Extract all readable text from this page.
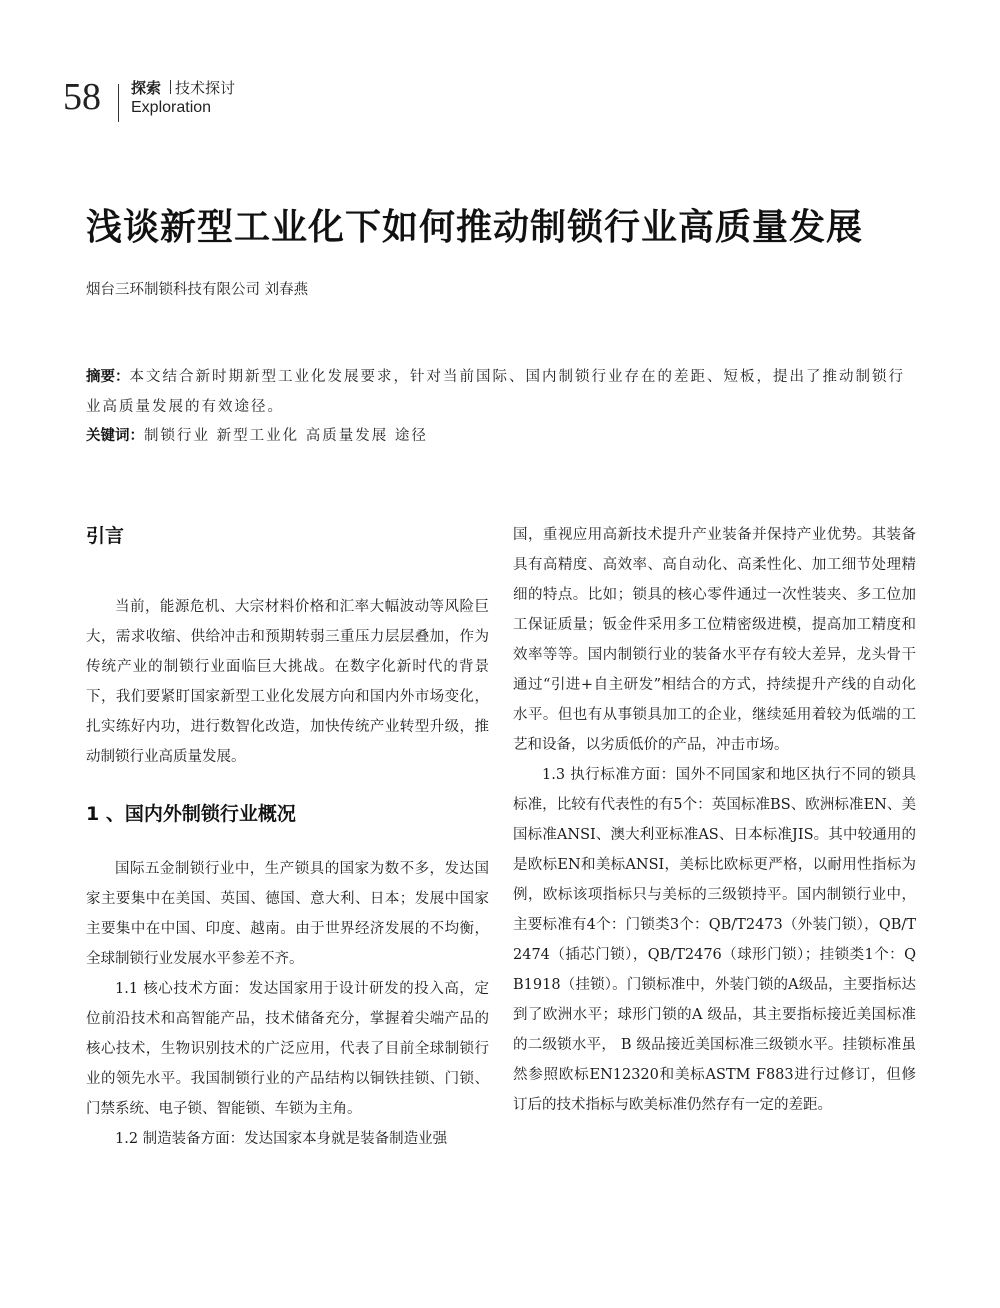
58 探索 技术探讨
Exploration
浅谈新型工业化下如何推动制锁行业高质量发展
烟台三环制锁科技有限公司 刘春燕
摘要：本文结合新时期新型工业化发展要求，针对当前国际、国内制锁行业存在的差距、短板，提出了推动制锁行业高质量发展的有效途径。
关键词：制锁行业 新型工业化 高质量发展 途径
引言

当前，能源危机、大宗材料价格和汇率大幅波动等风险巨大，需求收缩、供给冲击和预期转弱三重压力层层叠加，作为传统产业的制锁行业面临巨大挑战。在数字化新时代的背景下，我们要紧盯国家新型工业化发展方向和国内外市场变化，扎实练好内功，进行数智化改造，加快传统产业转型升级，推动制锁行业高质量发展。

1 、国内外制锁行业概况

国际五金制锁行业中，生产锁具的国家为数不多，发达国家主要集中在美国、英国、德国、意大利、日本；发展中国家主要集中在中国、印度、越南。由于世界经济发展的不均衡，全球制锁行业发展水平参差不齐。

1.1 核心技术方面：发达国家用于设计研发的投入高，定位前沿技术和高智能产品，技术储备充分，掌握着尖端产品的核心技术，生物识别技术的广泛应用，代表了目前全球制锁行业的领先水平。我国制锁行业的产品结构以铜铁挂锁、门锁、门禁系统、电子锁、智能锁、车锁为主角。

1.2 制造装备方面：发达国家本身就是装备制造业强

国，重视应用高新技术提升产业装备并保持产业优势。其装备具有高精度、高效率、高自动化、高柔性化、加工细节处理精细的特点。比如；锁具的核心零件通过一次性装夹、多工位加工保证质量；钣金件采用多工位精密级进模，提高加工精度和效率等等。国内制锁行业的装备水平存有较大差异，龙头骨干通过“引进+自主研发”相结合的方式，持续提升产线的自动化水平。但也有从事锁具加工的企业，继续延用着较为低端的工艺和设备，以劣质低价的产品，冲击市场。

1.3 执行标准方面：国外不同国家和地区执行不同的锁具标准，比较有代表性的有5个：英国标准BS、欧洲标准EN、美国标准ANSI、澳大利亚标准AS、日本标准JIS。其中较通用的是欧标EN和美标ANSI，美标比欧标更严格，以耐用性指标为例，欧标该项指标只与美标的三级锁持平。国内制锁行业中，主要标准有4个：门锁类3个：QB/T2473（外装门锁），QB/T2474（插芯门锁），QB/T2476（球形门锁）；挂锁类1个：QB1918（挂锁）。门锁标准中，外装门锁的A级品，主要指标达到了欧洲水平；球形门锁的A 级品，其主要指标接近美国标准的二级锁水平， B 级品接近美国标准三级锁水平。挂锁标准虽然参照欧标EN12320和美标ASTM F883进行过修订，但修订后的技术指标与欧美标准仍然存有一定的差距。
